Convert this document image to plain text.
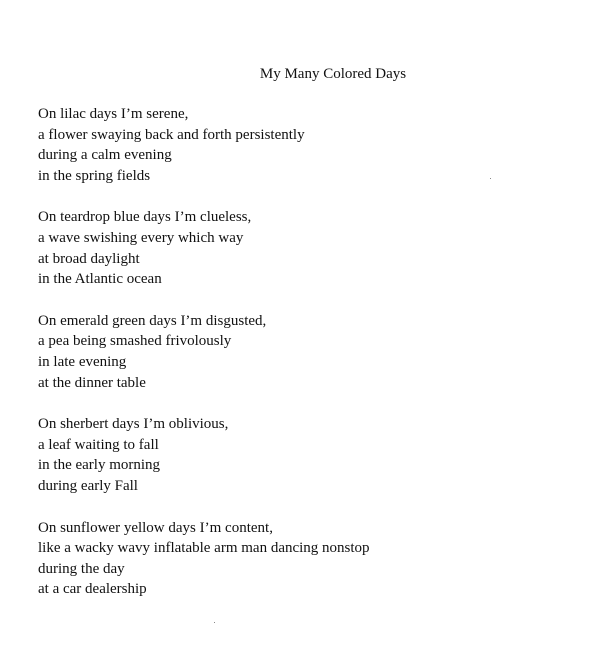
My Many Colored Days
On lilac days I’m serene,
a flower swaying back and forth persistently
during a calm evening
in the spring fields
On teardrop blue days I’m clueless,
a wave swishing every which way
at broad daylight
in the Atlantic ocean
On emerald green days I’m disgusted,
a pea being smashed frivolously
in late evening
at the dinner table
On sherbert days I’m oblivious,
a leaf waiting to fall
in the early morning
during early Fall
On sunflower yellow days I’m content,
like a wacky wavy inflatable arm man dancing nonstop
during the day
at a car dealership
